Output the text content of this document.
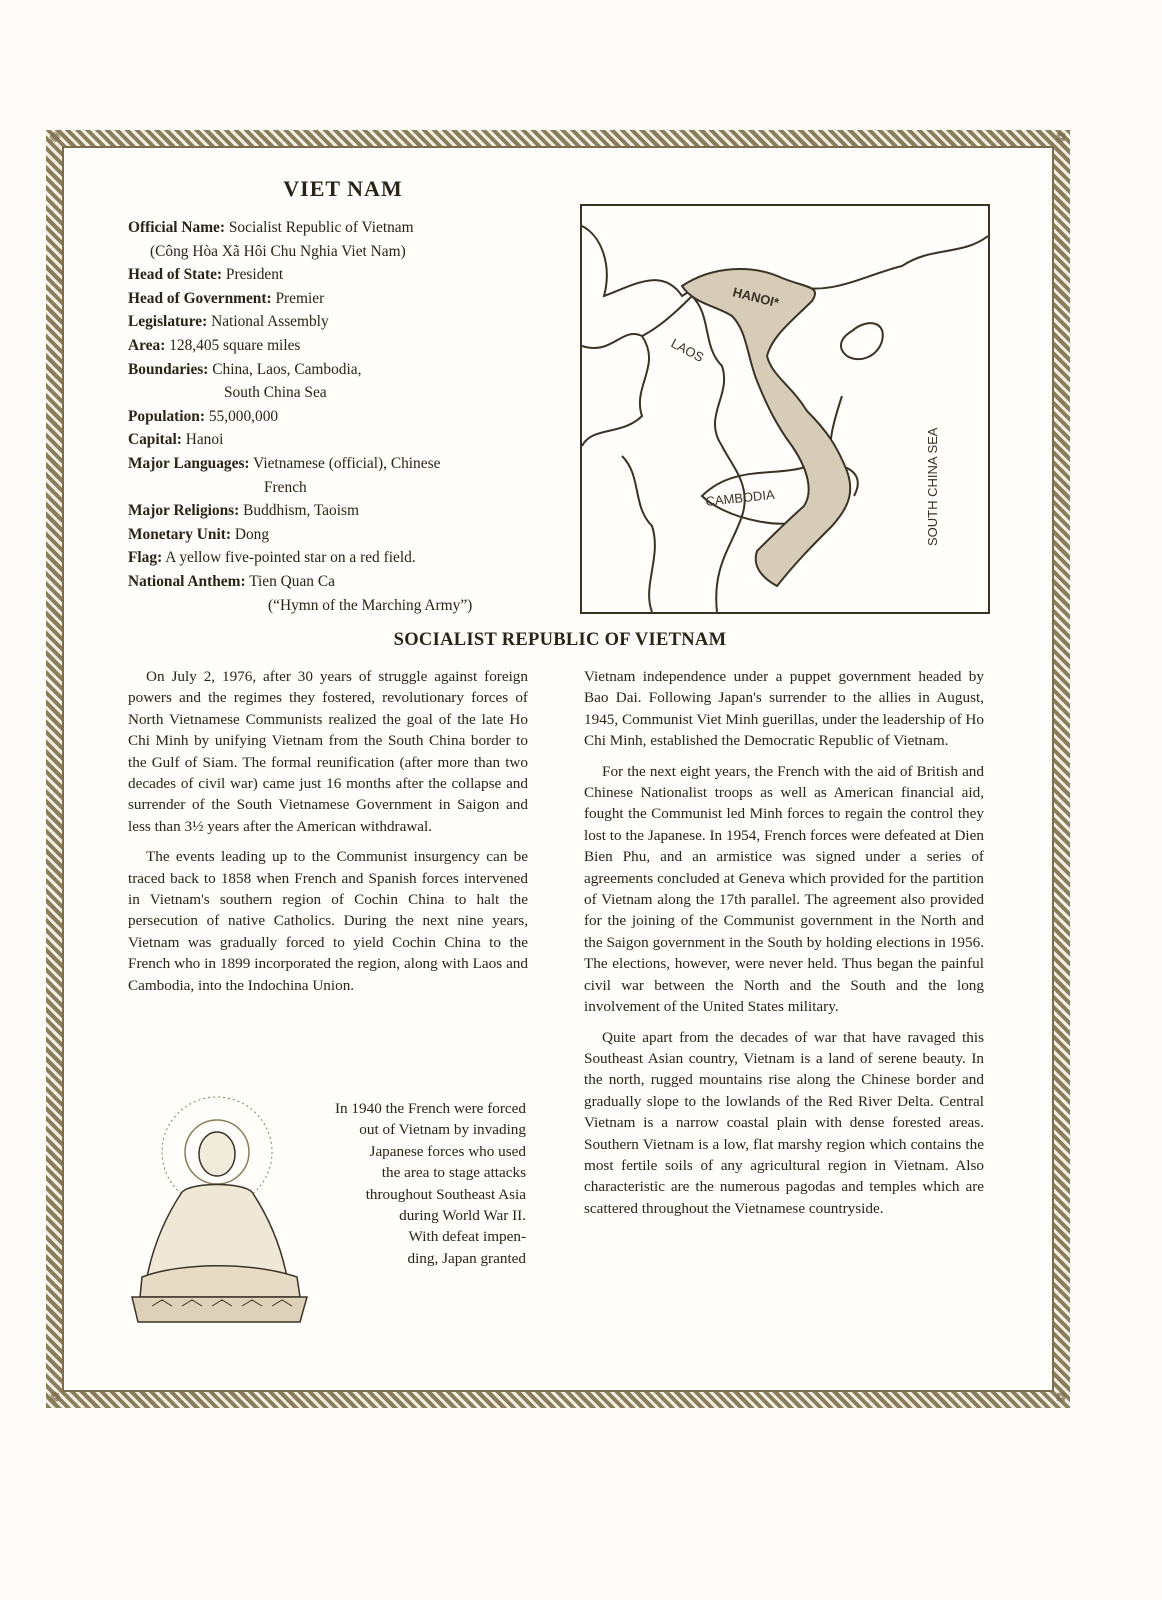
❁	❁
❁	❁
VIET NAM

Official Name: Socialist Republic of Vietnam
(Công Hòa Xã Hôi Chu Nghia Viet Nam)

Head of State: President

Head of Government: Premier

Legislature: National Assembly

Area: 128,405 square miles

Boundaries: China, Laos, Cambodia,
South China Sea

Population: 55,000,000

Capital: Hanoi

Major Languages: Vietnamese (official), Chinese
French

Major Religions: Buddhism, Taoism

Monetary Unit: Dong

Flag: A yellow five-pointed star on a red field.

National Anthem: Tien Quan Ca
(“Hymn of the Marching Army”)

HANOI*
LAOS
CAMBODIA	SOUTH CHINA SEA
SOCIALIST REPUBLIC OF VIETNAM

On July 2, 1976, after 30 years of struggle against foreign powers and the regimes they fostered, revolutionary forces of North Vietnamese Communists realized the goal of the late Ho Chi Minh by unifying Vietnam from the South China border to the Gulf of Siam. The formal reunification (after more than two decades of civil war) came just 16 months after the collapse and surrender of the South Vietnamese Government in Saigon and less than 3½ years after the American withdrawal.

The events leading up to the Communist insurgency can be traced back to 1858 when French and Spanish forces intervened in Vietnam's southern region of Cochin China to halt the persecution of native Catholics. During the next nine years, Vietnam was gradually forced to yield Cochin China to the French who in 1899 incorporated the region, along with Laos and Cambodia, into the Indochina Union.

In 1940 the French were forced
out of Vietnam by invading
Japanese forces who used
the area to stage attacks
throughout Southeast Asia
during World War II.
With defeat impen-
ding, Japan granted

Vietnam independence under a puppet government headed by Bao Dai. Following Japan's surrender to the allies in August, 1945, Communist Viet Minh guerillas, under the leadership of Ho Chi Minh, established the Democratic Republic of Vietnam.

For the next eight years, the French with the aid of British and Chinese Nationalist troops as well as American financial aid, fought the Communist led Minh forces to regain the control they lost to the Japanese. In 1954, French forces were defeated at Dien Bien Phu, and an armistice was signed under a series of agreements concluded at Geneva which provided for the partition of Vietnam along the 17th parallel. The agreement also provided for the joining of the Communist government in the North and the Saigon government in the South by holding elections in 1956. The elections, however, were never held. Thus began the painful civil war between the North and the South and the long involvement of the United States military.

Quite apart from the decades of war that have ravaged this Southeast Asian country, Vietnam is a land of serene beauty. In the north, rugged mountains rise along the Chinese border and gradually slope to the lowlands of the Red River Delta. Central Vietnam is a narrow coastal plain with dense forested areas. Southern Vietnam is a low, flat marshy region which contains the most fertile soils of any agricultural region in Vietnam. Also characteristic are the numerous pagodas and temples which are scattered throughout the Vietnamese countryside.
